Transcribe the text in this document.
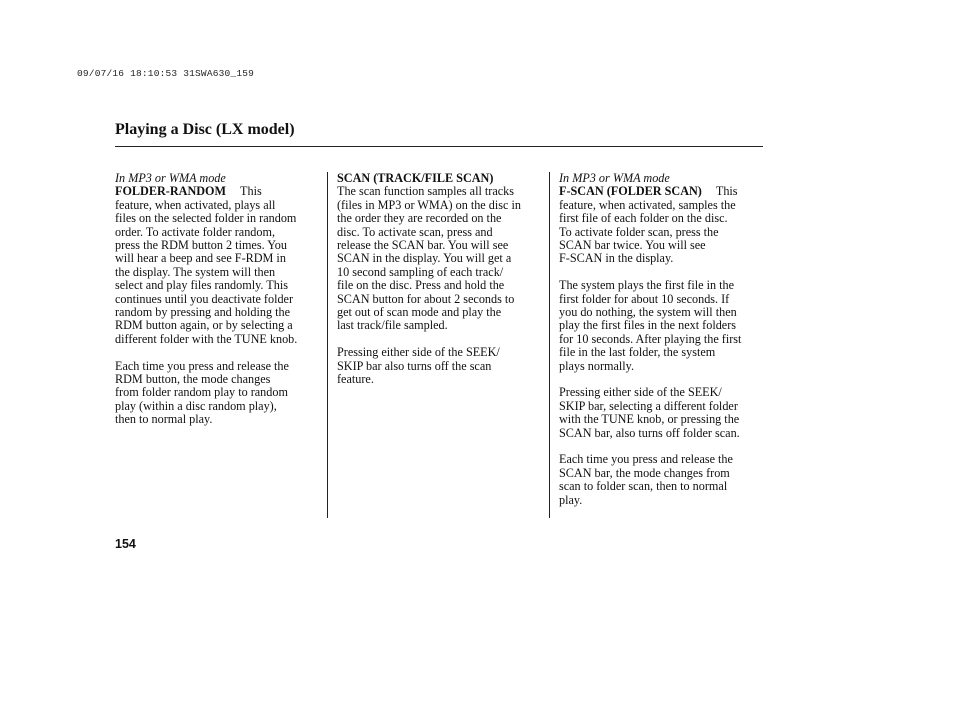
09/07/16 18:10:53 31SWA630_159
Playing a Disc (LX model)
In MP3 or WMA mode

FOLDER-RANDOM This
feature, when activated, plays all
files on the selected folder in random
order. To activate folder random,
press the RDM button 2 times. You
will hear a beep and see F-RDM in
the display. The system will then
select and play files randomly. This
continues until you deactivate folder
random by pressing and holding the
RDM button again, or by selecting a
different folder with the TUNE knob.

Each time you press and release the
RDM button, the mode changes
from folder random play to random
play (within a disc random play),
then to normal play.

SCAN (TRACK/FILE SCAN)

The scan function samples all tracks
(files in MP3 or WMA) on the disc in
the order they are recorded on the
disc. To activate scan, press and
release the SCAN bar. You will see
SCAN in the display. You will get a
10 second sampling of each track/
file on the disc. Press and hold the
SCAN button for about 2 seconds to
get out of scan mode and play the
last track/file sampled.

Pressing either side of the SEEK/
SKIP bar also turns off the scan
feature.

In MP3 or WMA mode

F-SCAN (FOLDER SCAN) This
feature, when activated, samples the
first file of each folder on the disc.
To activate folder scan, press the
SCAN bar twice. You will see
F-SCAN in the display.

The system plays the first file in the
first folder for about 10 seconds. If
you do nothing, the system will then
play the first files in the next folders
for 10 seconds. After playing the first
file in the last folder, the system
plays normally.

Pressing either side of the SEEK/
SKIP bar, selecting a different folder
with the TUNE knob, or pressing the
SCAN bar, also turns off folder scan.

Each time you press and release the
SCAN bar, the mode changes from
scan to folder scan, then to normal
play.

154
